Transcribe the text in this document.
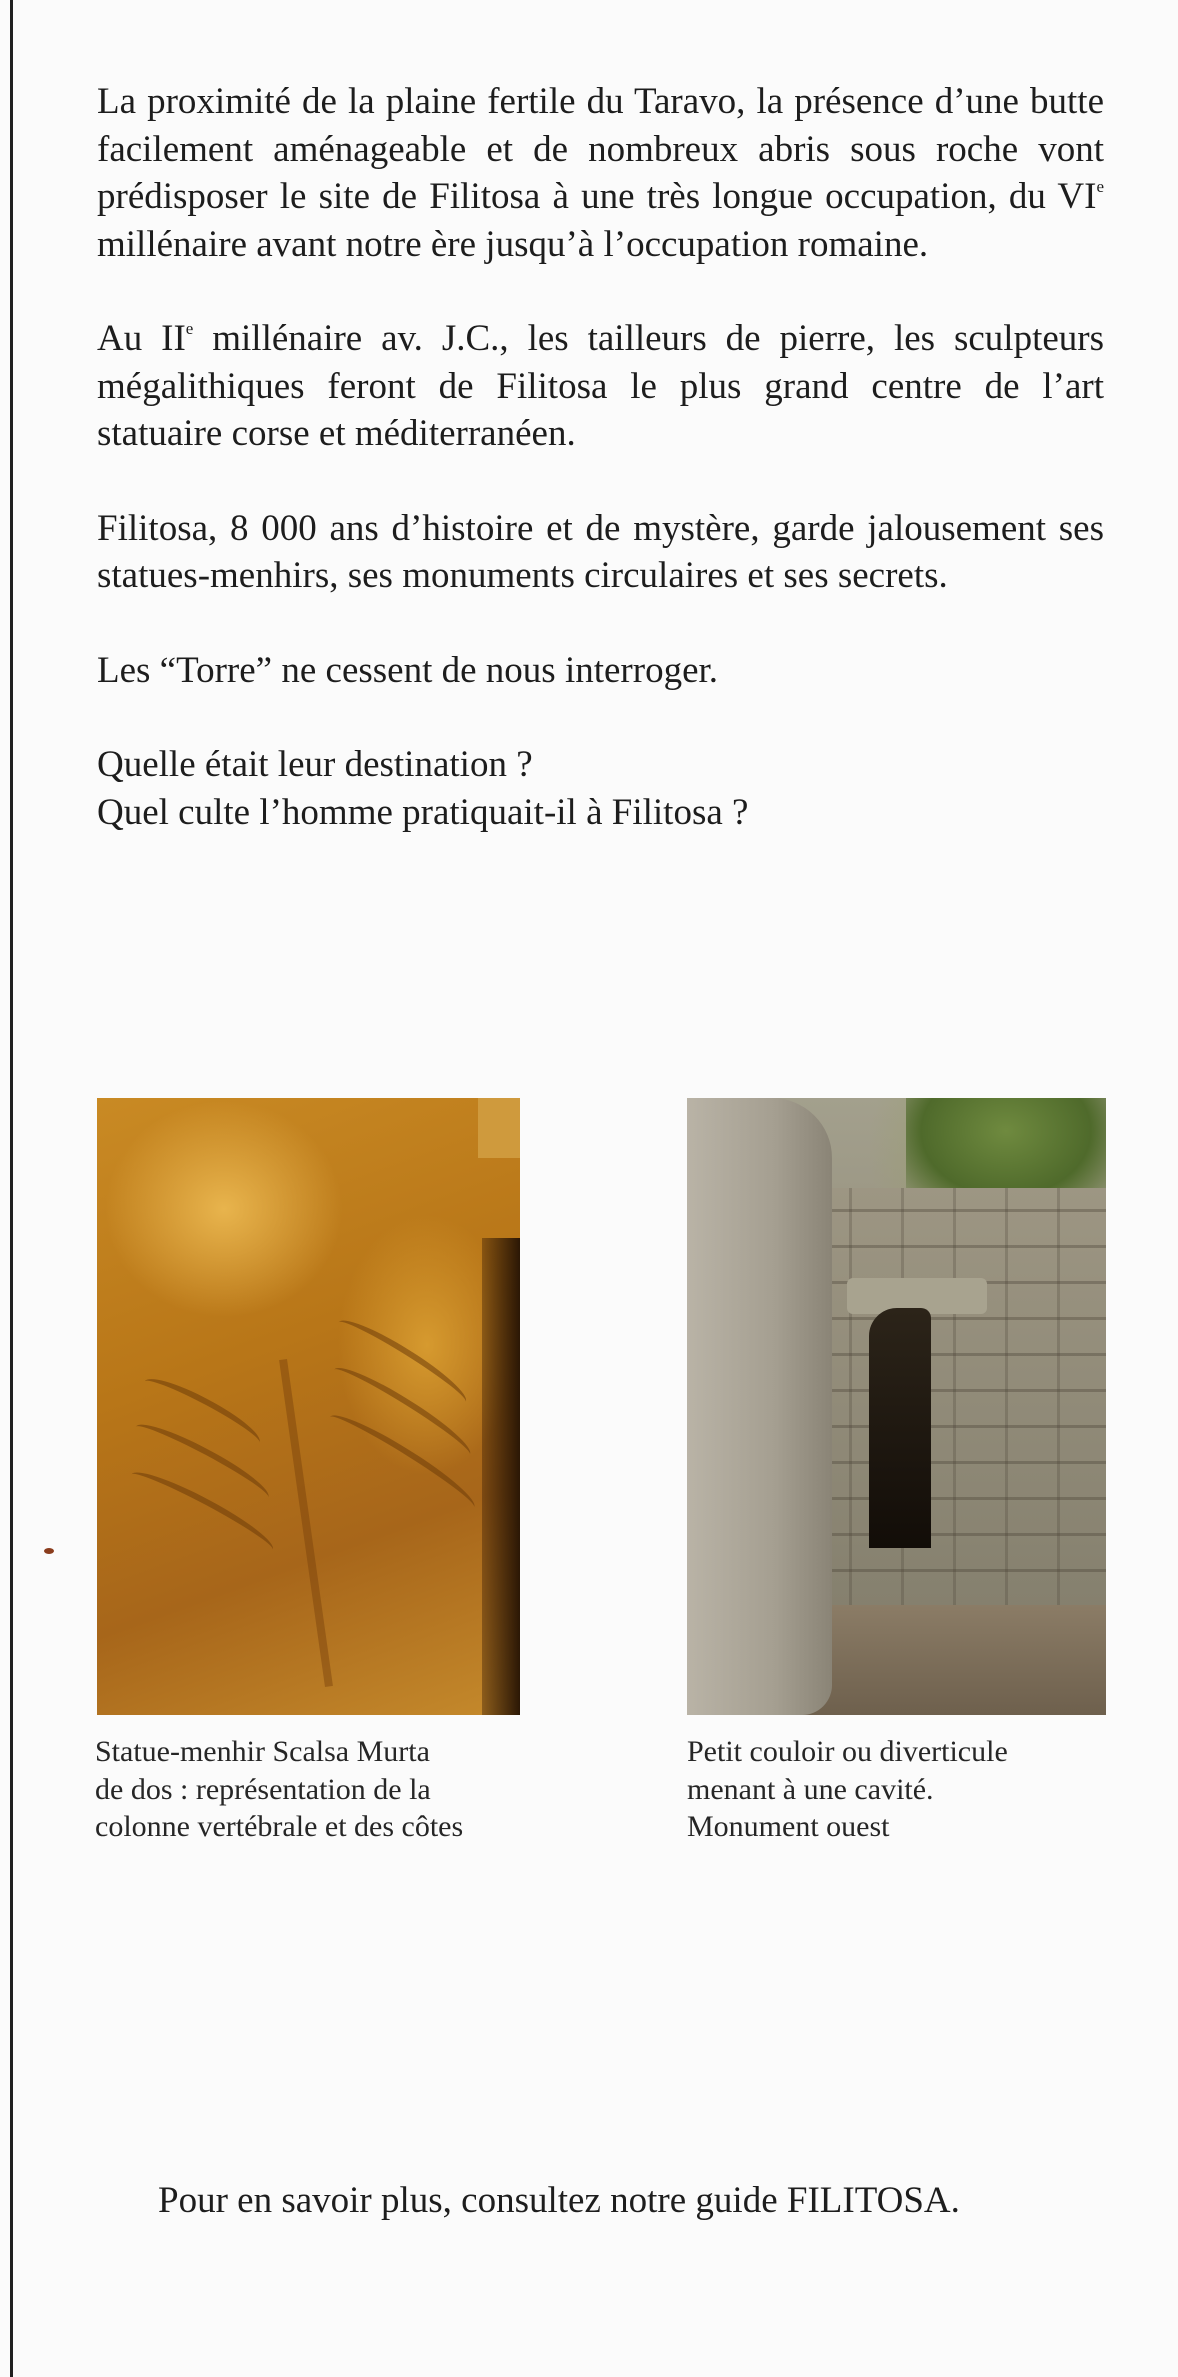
La proximité de la plaine fertile du Taravo, la présence d’une butte facilement aménageable et de nombreux abris sous roche vont prédisposer le site de Filitosa à une très longue occupation, du VIe millénaire avant notre ère jusqu’à l’occupation romaine.

Au IIe millénaire av. J.C., les tailleurs de pierre, les sculpteurs mégalithiques feront de Filitosa le plus grand centre de l’art statuaire corse et méditerranéen.

Filitosa, 8 000 ans d’histoire et de mystère, garde jalousement ses statues-menhirs, ses monuments circulaires et ses secrets.

Les “Torre” ne cessent de nous interroger.

Quelle était leur destination ?
Quel culte l’homme pratiquait-il à Filitosa ?

Statue-menhir Scalsa Murta
de dos : représentation de la
colonne vertébrale et des côtes
Petit couloir ou diverticule
menant à une cavité.
Monument ouest

Pour en savoir plus, consultez notre guide FILITOSA.
